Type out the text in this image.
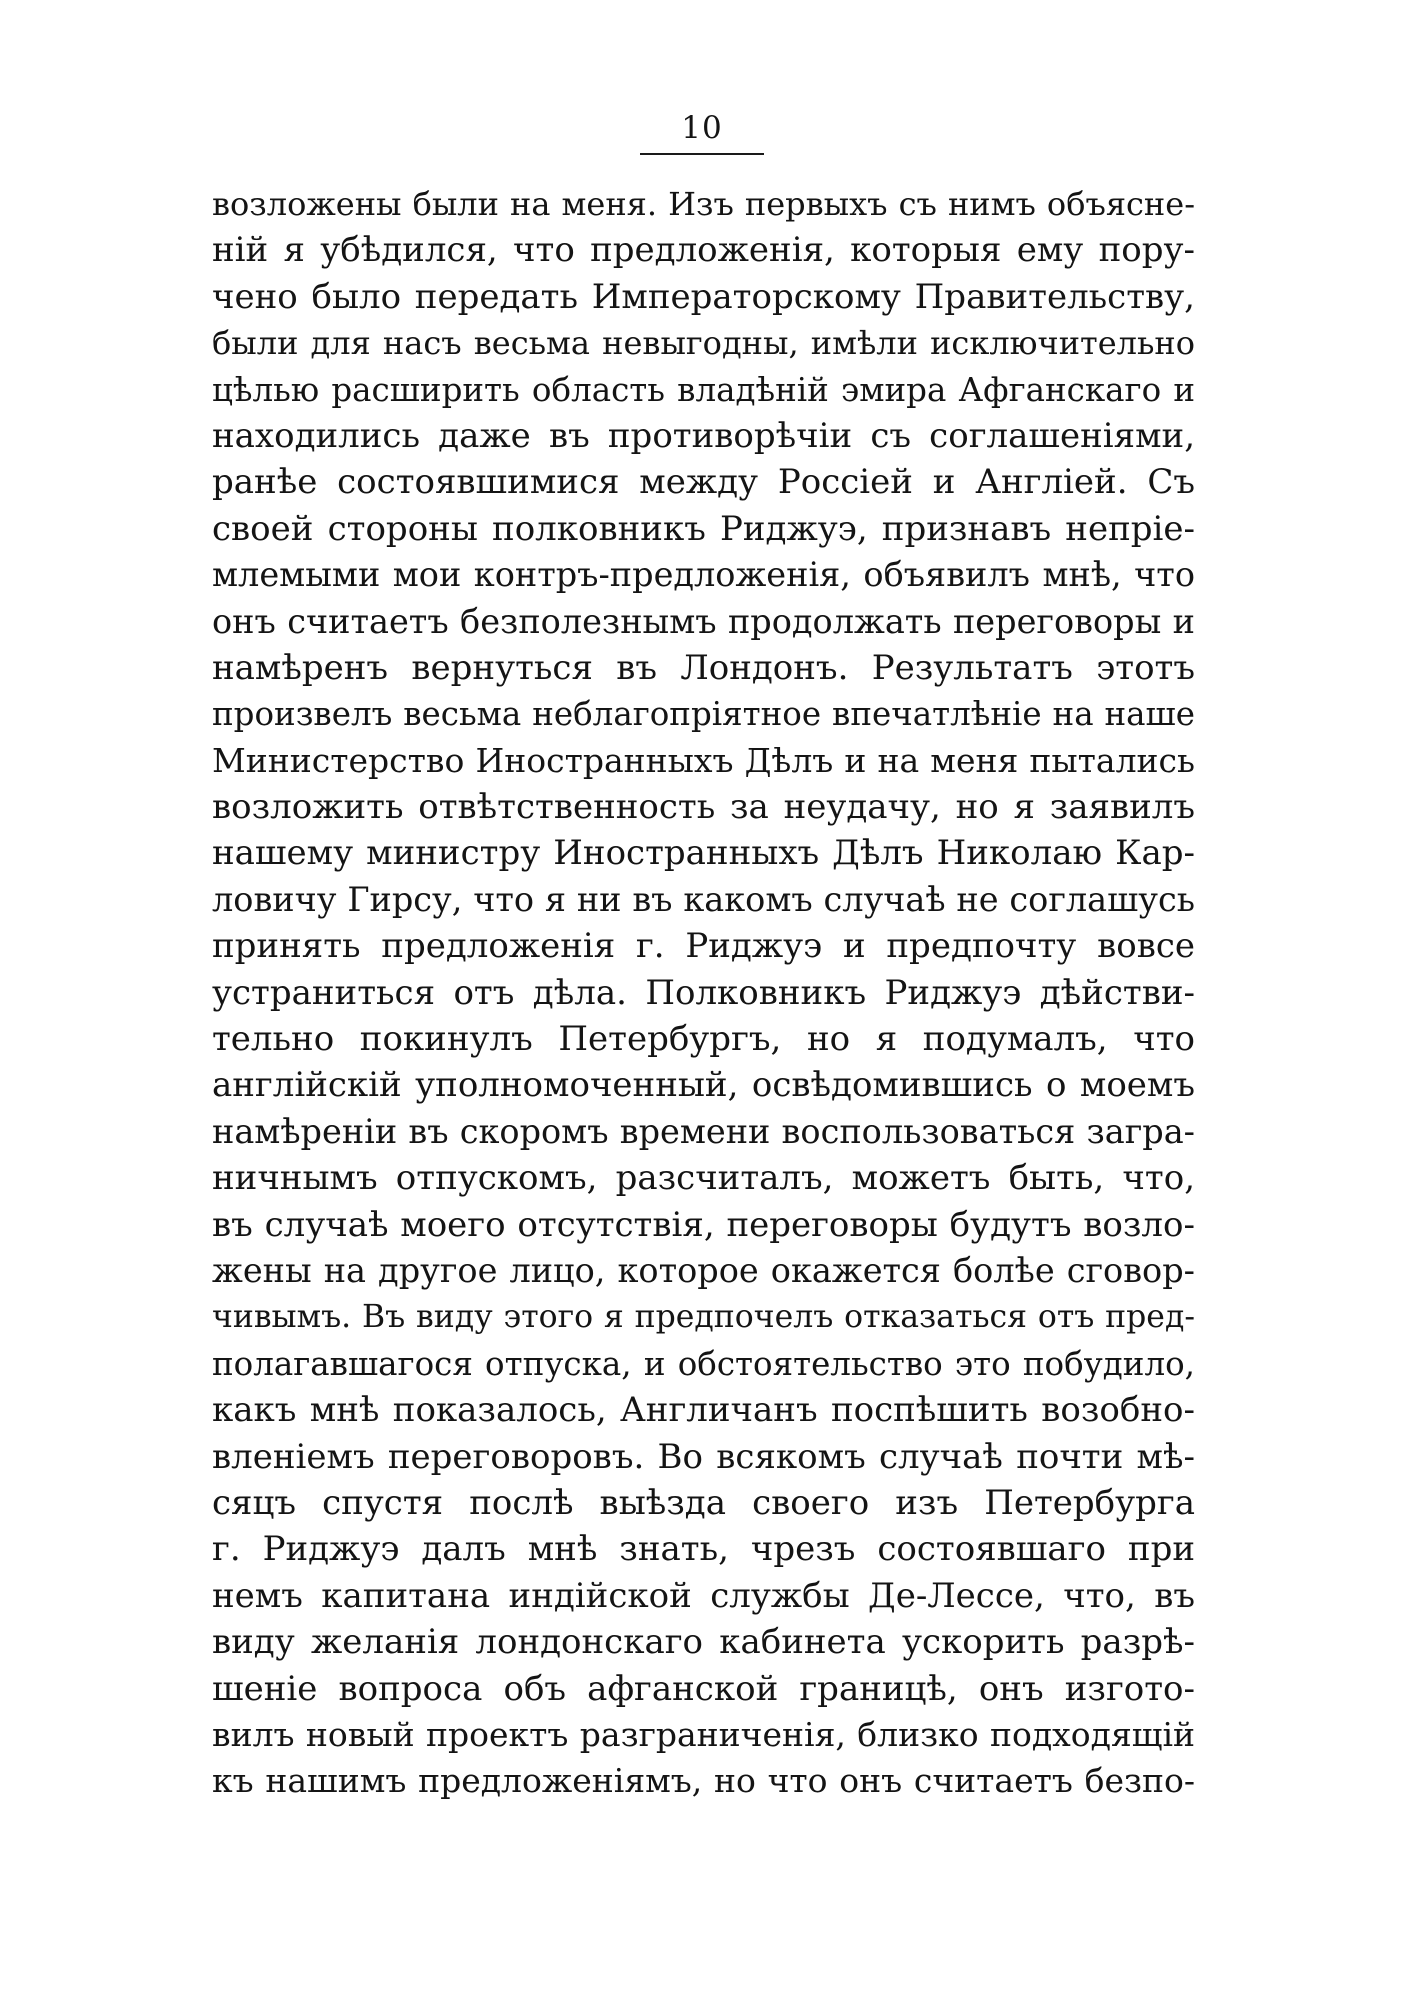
10
возложены были на меня. Изъ первыхъ съ нимъ объясне-
нiй я убѣдился, что предложенiя, которыя ему пору-
чено было передать Императорскому Правительству,
были для насъ весьма невыгодны, имѣли исключительно
цѣлью расширить область владѣнiй эмира Афганскаго и
находились даже въ противорѣчiи съ соглашенiями,
ранѣе состоявшимися между Россiей и Англiей. Съ
своей стороны полковникъ Риджуэ, признавъ непрiе-
млемыми мои контръ-предложенiя, объявилъ мнѣ, что
онъ считаетъ безполезнымъ продолжать переговоры и
намѣренъ вернуться въ Лондонъ. Результатъ этотъ
произвелъ весьма неблагопрiятное впечатлѣнiе на наше
Министерство Иностранныхъ Дѣлъ и на меня пытались
возложить отвѣтственность за неудачу, но я заявилъ
нашему министру Иностранныхъ Дѣлъ Николаю Кар-
ловичу Гирсу, что я ни въ какомъ случаѣ не соглашусь
принять предложенiя г. Риджуэ и предпочту вовсе
устраниться отъ дѣла. Полковникъ Риджуэ дѣйстви-
тельно покинулъ Петербургъ, но я подумалъ, что
англiйскiй уполномоченный, освѣдомившись о моемъ
намѣренiи въ скоромъ времени воспользоваться загра-
ничнымъ отпускомъ, разсчиталъ, можетъ быть, что,
въ случаѣ моего отсутствiя, переговоры будутъ возло-
жены на другое лицо, которое окажется болѣе сговор-
чивымъ. Въ виду этого я предпочелъ отказаться отъ пред-
полагавшагося отпуска, и обстоятельство это побудило,
какъ мнѣ показалось, Англичанъ поспѣшить возобно-
вленiемъ переговоровъ. Во всякомъ случаѣ почти мѣ-
сяцъ спустя послѣ выѣзда своего изъ Петербурга
г. Риджуэ далъ мнѣ знать, чрезъ состоявшаго при
немъ капитана индiйской службы Де-Лессе, что, въ
виду желанiя лондонскаго кабинета ускорить разрѣ-
шенiе вопроса объ афганской границѣ, онъ изгото-
вилъ новый проектъ разграниченiя, близко подходящiй
къ нашимъ предложенiямъ, но что онъ считаетъ безпо-
